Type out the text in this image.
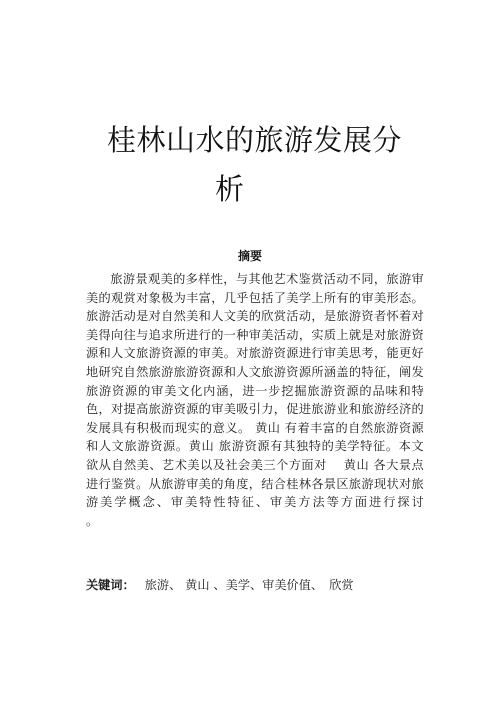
桂林山水的旅游发展分
析
摘要

旅游景观美的多样性，与其他艺术鉴赏活动不同，旅游审美的观赏对象极为丰富，几乎包括了美学上所有的审美形态。旅游活动是对自然美和人文美的欣赏活动，是旅游资者怀着对美得向往与追求所进行的一种审美活动，实质上就是对旅游资源和人文旅游资源的审美。对旅游资源进行审美思考，能更好地研究自然旅游旅游资源和人文旅游资源所涵盖的特征，阐发旅游资源的审美文化内涵，进一步挖掘旅游资源的品味和特色，对提高旅游资源的审美吸引力，促进旅游业和旅游经济的发展具有积极而现实的意义。 黄山 有着丰富的自然旅游资源和人文旅游资源。黄山 旅游资源有其独特的美学特征。本文欲从自然美、艺术美以及社会美三个方面对　 黄山 各大景点进行鉴赏。从旅游审美的角度，结合桂林各景区旅游现状对旅游美学概念、审美特性特征、审美方法等方面进行探讨　　 。

关键词： 旅游、 黄山 、美学、审美价值、　欣赏
